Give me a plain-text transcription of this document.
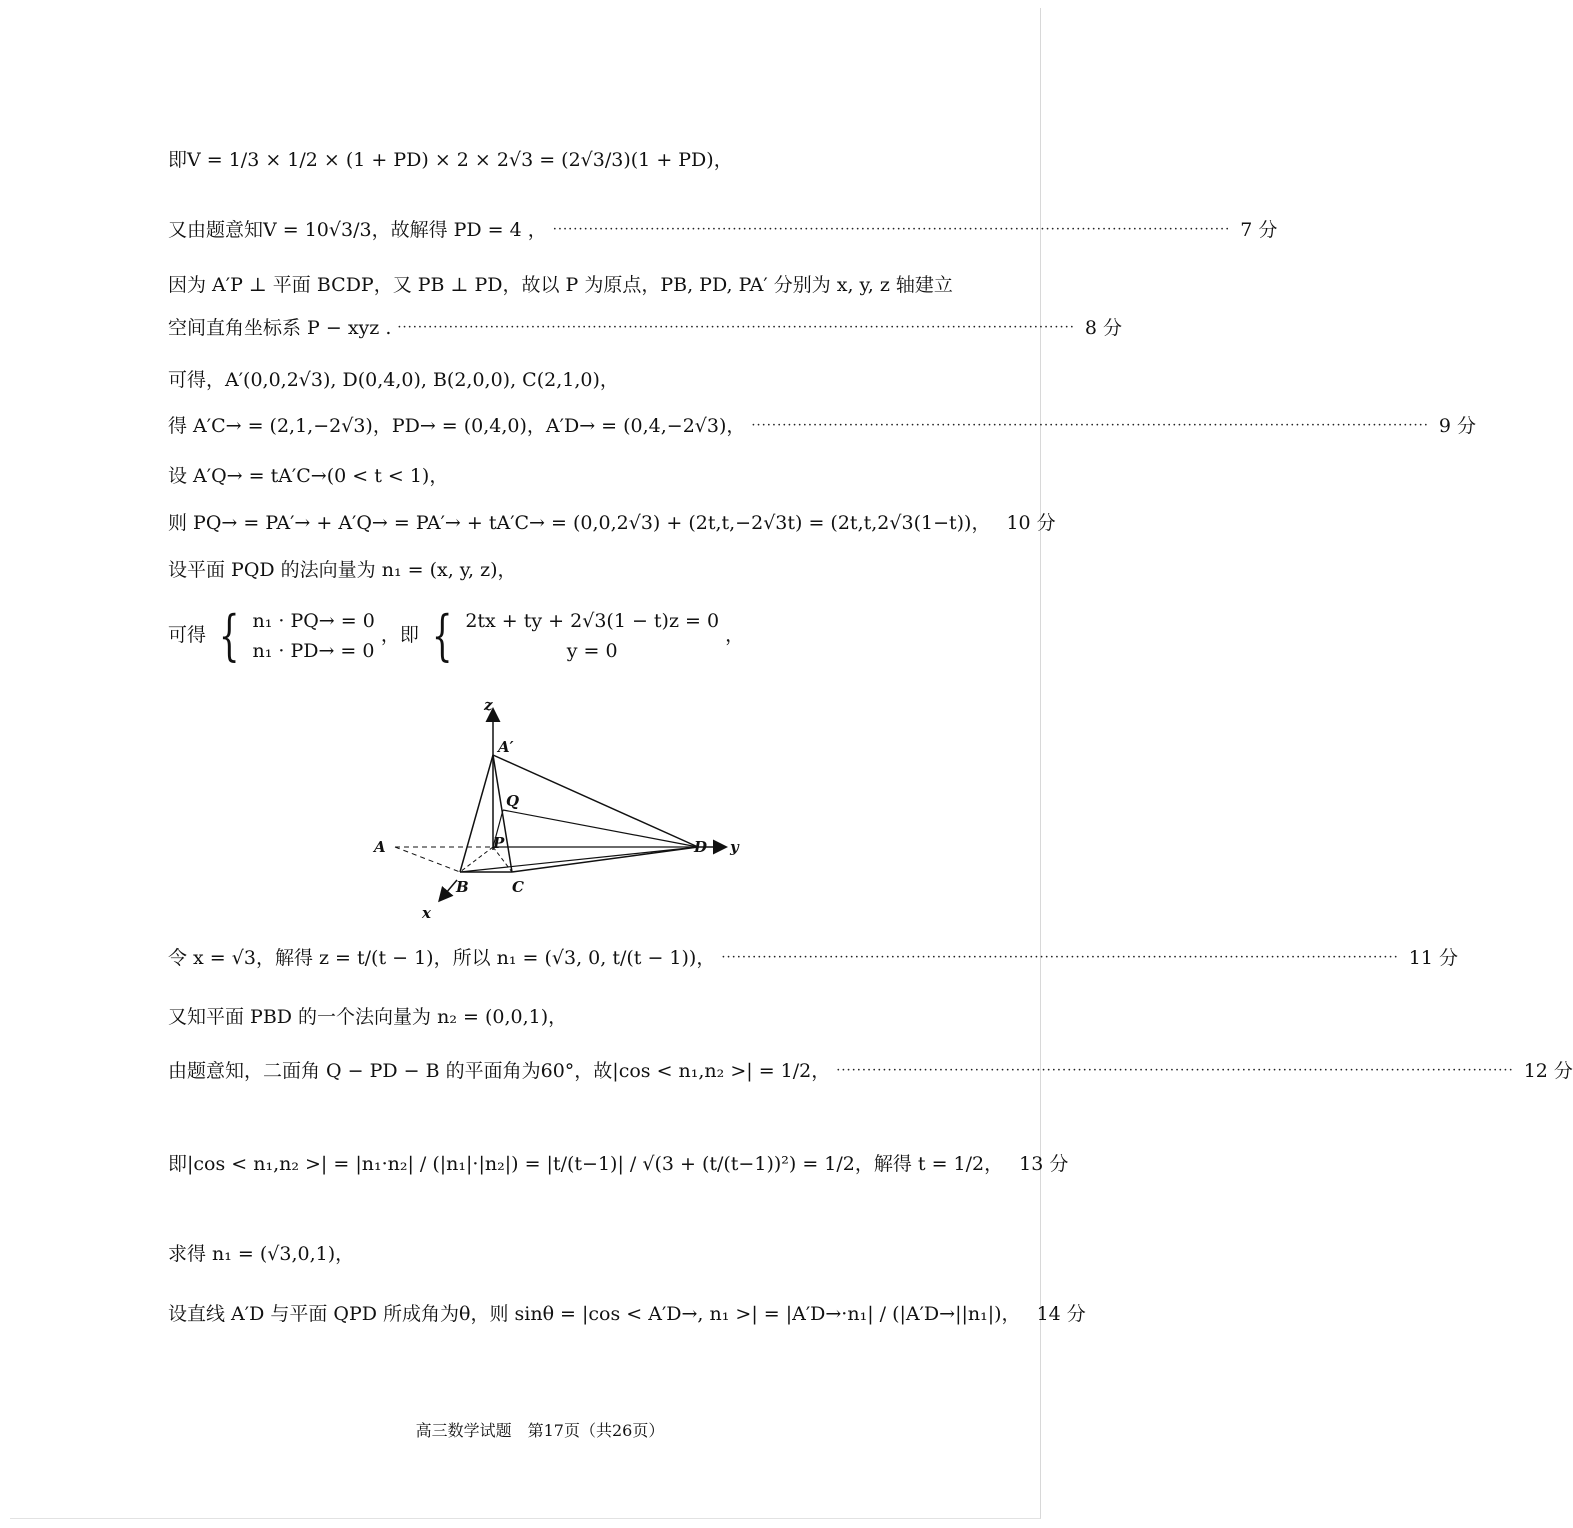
即V = 1/3 × 1/2 × (1 + PD) × 2 × 2√3 = (2√3/3)(1 + PD)，
又由题意知V = 10√3/3，故解得 PD = 4 ， ·····	7 分
因为 A′P ⊥ 平面 BCDP，又 PB ⊥ PD，故以 P 为原点，PB, PD, PA′ 分别为 x, y, z 轴建立
空间直角坐标系 P − xyz . ·····	8 分
可得，A′(0,0,2√3), D(0,4,0), B(2,0,0), C(2,1,0)，
得 A′C→ = (2,1,−2√3)，PD→ = (0,4,0)，A′D→ = (0,4,−2√3)， ·····	9 分
设 A′Q→ = tA′C→(0 < t < 1)，
则 PQ→ = PA′→ + A′Q→ = PA′→ + tA′C→ = (0,0,2√3) + (2t,t,−2√3t) = (2t,t,2√3(1−t))， 10 分
设平面 PQD 的法向量为 n₁ = (x, y, z)，
可得 { n₁ · PQ→ = 0
n₁ · PD→ = 0
，即 { 2tx + ty + 2√3(1 − t)z = 0
y = 0
，
z
A′
Q
A	P	D y
B	C
x
令 x = √3，解得 z = t/(t − 1)，所以 n₁ = (√3, 0, t/(t − 1))， ·····	11 分
又知平面 PBD 的一个法向量为 n₂ = (0,0,1)，
由题意知，二面角 Q − PD − B 的平面角为60°，故|cos < n₁,n₂ >| = 1/2， ·····	12 分
即|cos < n₁,n₂ >| = |n₁·n₂| / (|n₁|·|n₂|) = |t/(t−1)| / √(3 + (t/(t−1))²) = 1/2，解得 t = 1/2， 13 分
求得 n₁ = (√3,0,1)，
设直线 A′D 与平面 QPD 所成角为θ，则 sinθ = |cos < A′D→, n₁ >| = |A′D→·n₁| / (|A′D→||n₁|)， 14 分
高三数学试题　第17页（共26页）
